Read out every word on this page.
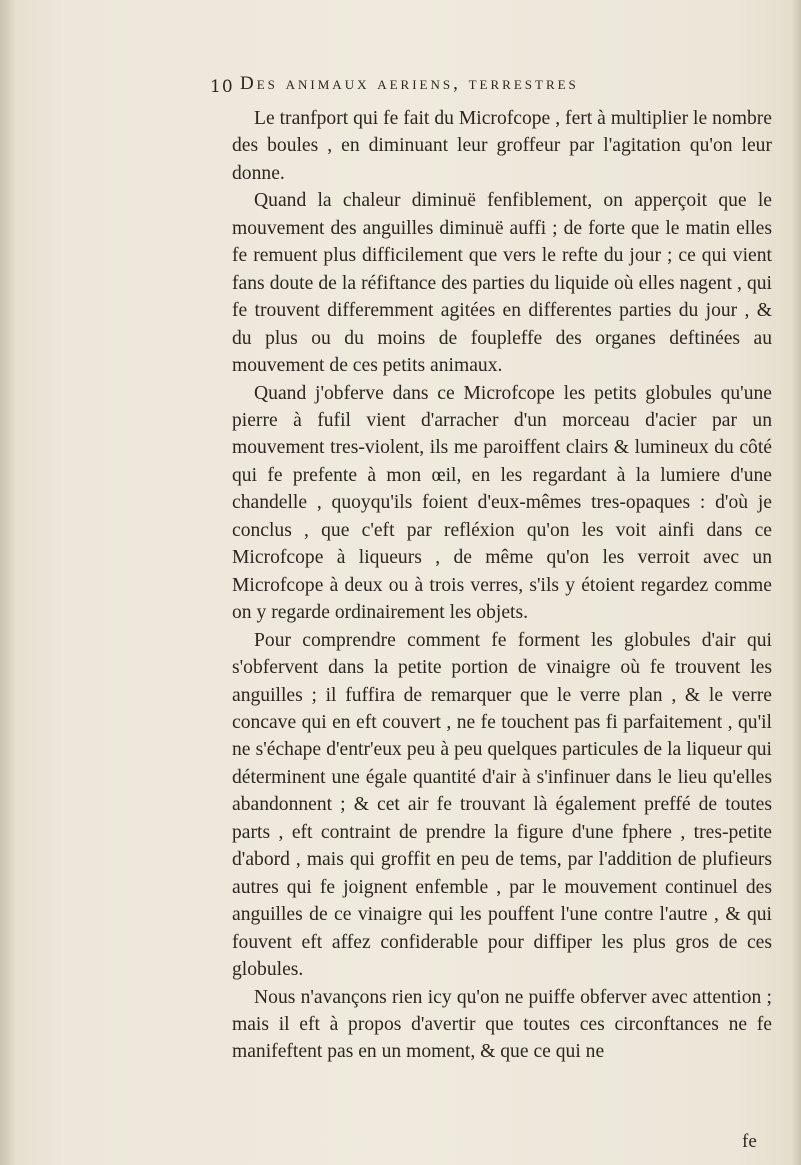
10 Des animaux aeriens, terrestres

Le tranfport qui fe fait du Microfcope , fert à multiplier le nombre des boules , en diminuant leur groffeur par l'agitation qu'on leur donne.

Quand la chaleur diminuë fenfiblement, on apperçoit que le mouvement des anguilles diminuë auffi ; de forte que le matin elles fe remuent plus difficilement que vers le refte du jour ; ce qui vient fans doute de la réfiftance des parties du liquide où elles nagent , qui fe trouvent differemment agitées en differentes parties du jour , & du plus ou du moins de foupleffe des organes deftinées au mouvement de ces petits animaux.

Quand j'obferve dans ce Microfcope les petits globules qu'une pierre à fufil vient d'arracher d'un morceau d'acier par un mouvement tres-violent, ils me paroiffent clairs & lumineux du côté qui fe prefente à mon œil, en les regardant à la lumiere d'une chandelle , quoyqu'ils foient d'eux-mêmes tres-opaques : d'où je conclus , que c'eft par refléxion qu'on les voit ainfi dans ce Microfcope à liqueurs , de même qu'on les verroit avec un Microfcope à deux ou à trois verres, s'ils y étoient regardez comme on y regarde ordinairement les objets.

Pour comprendre comment fe forment les globules d'air qui s'obfervent dans la petite portion de vinaigre où fe trouvent les anguilles ; il fuffira de remarquer que le verre plan , & le verre concave qui en eft couvert , ne fe touchent pas fi parfaitement , qu'il ne s'échape d'entr'eux peu à peu quelques particules de la liqueur qui déterminent une égale quantité d'air à s'infinuer dans le lieu qu'elles abandonnent ; & cet air fe trouvant là également preffé de toutes parts , eft contraint de prendre la figure d'une fphere , tres-petite d'abord , mais qui groffit en peu de tems, par l'addition de plufieurs autres qui fe joignent enfemble , par le mouvement continuel des anguilles de ce vinaigre qui les pouffent l'une contre l'autre , & qui fouvent eft affez confiderable pour diffiper les plus gros de ces globules.

Nous n'avançons rien icy qu'on ne puiffe obferver avec attention ; mais il eft à propos d'avertir que toutes ces circonftances ne fe manifeftent pas en un moment, & que ce qui ne

fe
